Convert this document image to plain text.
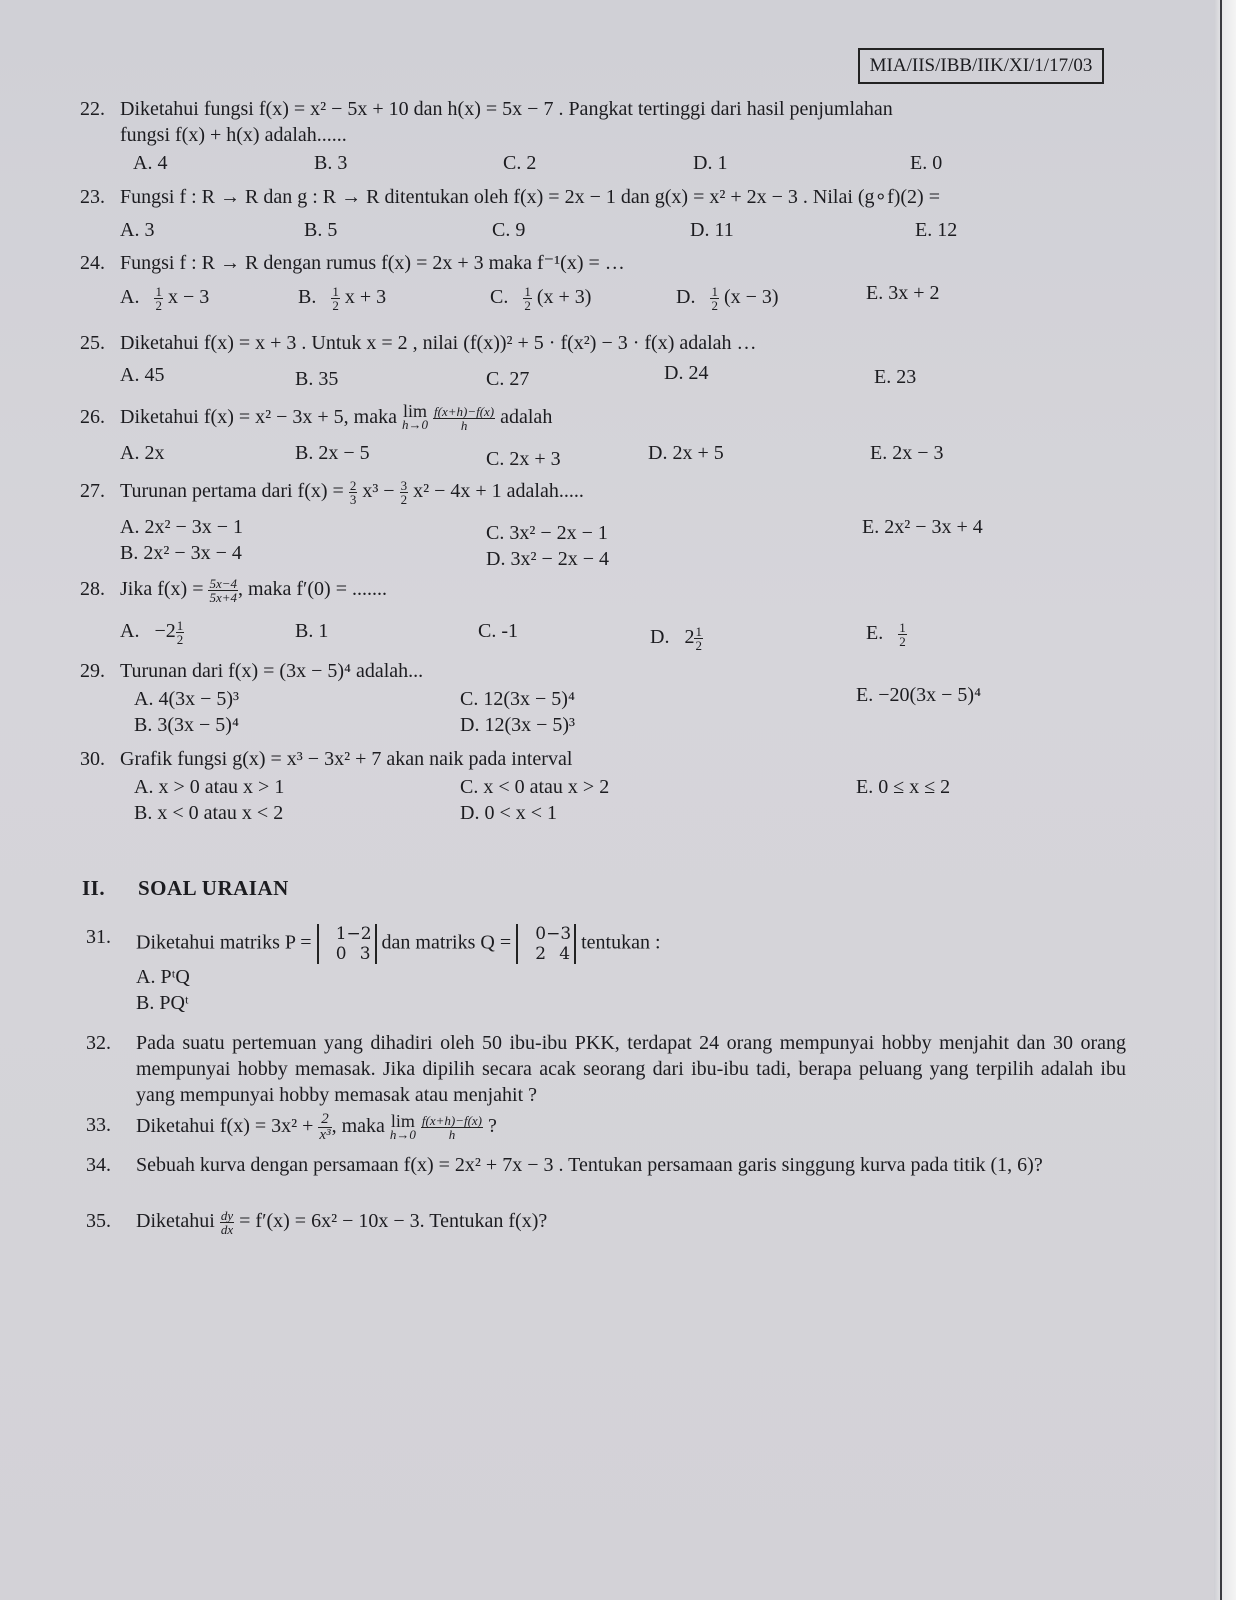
MIA/IIS/IBB/IIK/XI/1/17/03
22. Diketahui fungsi f(x) = x² − 5x + 10 dan h(x) = 5x − 7 . Pangkat tertinggi dari hasil penjumlahan
fungsi f(x) + h(x) adalah......
A. 4	B. 3	C. 2	D. 1	E. 0
23. Fungsi f : R → R dan g : R → R ditentukan oleh f(x) = 2x − 1 dan g(x) = x² + 2x − 3 . Nilai (g∘f)(2) =
A. 3	B. 5	C. 9	D. 11	E. 12
24. Fungsi f : R → R dengan rumus f(x) = 2x + 3 maka f⁻¹(x) = …
A. $\frac{1}{2}$ x − 3	B. $\frac{1}{2}$ x + 3	C. $\frac{1}{2} (x + 3)$	D. $\frac{1}{2} (x - 3)$	E. 3x + 2
25. Diketahui f(x) = x + 3 . Untuk x = 2 , nilai (f(x))² + 5 · f(x²) − 3 · f(x) adalah …
A. 45	B. 35	C. 27	D. 24	E. 23
26. Diketahui f(x) = x² − 3x + 5, maka lim
h→0
$\frac{f(x+h)-f(x)}{h}$ adalah
A. 2x	B. 2x − 5	C. 2x + 3	D. 2x + 5	E. 2x − 3
27. Turunan pertama dari $f(x) = \frac{2}{3} x^3 - \frac{3}{2} x^2 - 4x + 1$ adalah.....
A. 2x² − 3x − 1
B. 2x² − 3x − 4
C. 3x² − 2x − 1
D. 3x² − 2x − 4
E. 2x² − 3x + 4
28. Jika $f(x) = \frac{5x-4}{5x+4}$ , maka f′(0) = .......
A. $-2 \frac{1}{2}$	B. 1	C. -1	D. $2 \frac{1}{2}$	E. $\frac{1}{2}$
29. Turunan dari f(x) = (3x − 5)⁴ adalah...
A. 4(3x − 5)³
B. 3(3x − 5)⁴
C. 12(3x − 5)⁴
D. 12(3x − 5)³
E. −20(3x − 5)⁴
30. Grafik fungsi g(x) = x³ − 3x² + 7 akan naik pada interval
A. x > 0 atau x > 1
B. x < 0 atau x < 2
C. x < 0 atau x > 2
D. 0 < x < 1
E. 0 ≤ x ≤ 2
II. SOAL URAIAN
31.	Diketahui matriks P = 1−2
0 3 dan matriks Q = 0−3
2 4 tentukan :
A. PᵗQ
B. PQᵗ
32.	Pada suatu pertemuan yang dihadiri oleh 50 ibu-ibu PKK, terdapat 24 orang mempunyai hobby menjahit dan 30 orang mempunyai hobby memasak. Jika dipilih secara acak seorang dari ibu-ibu tadi, berapa peluang yang terpilih adalah ibu yang mempunyai hobby memasak atau menjahit ?
33.	Diketahui $f(x) = 3x^2 + \frac{2}{\text{x³}}$ , maka lim
h→0
$\frac{f(x+h)-f(x)}{h}$ ?
34.	Sebuah kurva dengan persamaan f(x) = 2x² + 7x − 3 . Tentukan persamaan garis singgung kurva pada titik (1, 6)?
35.	Diketahui $\frac{dy}{dx} = f'(x) = 6x^2 - 10x - 3$. Tentukan f(x)?
